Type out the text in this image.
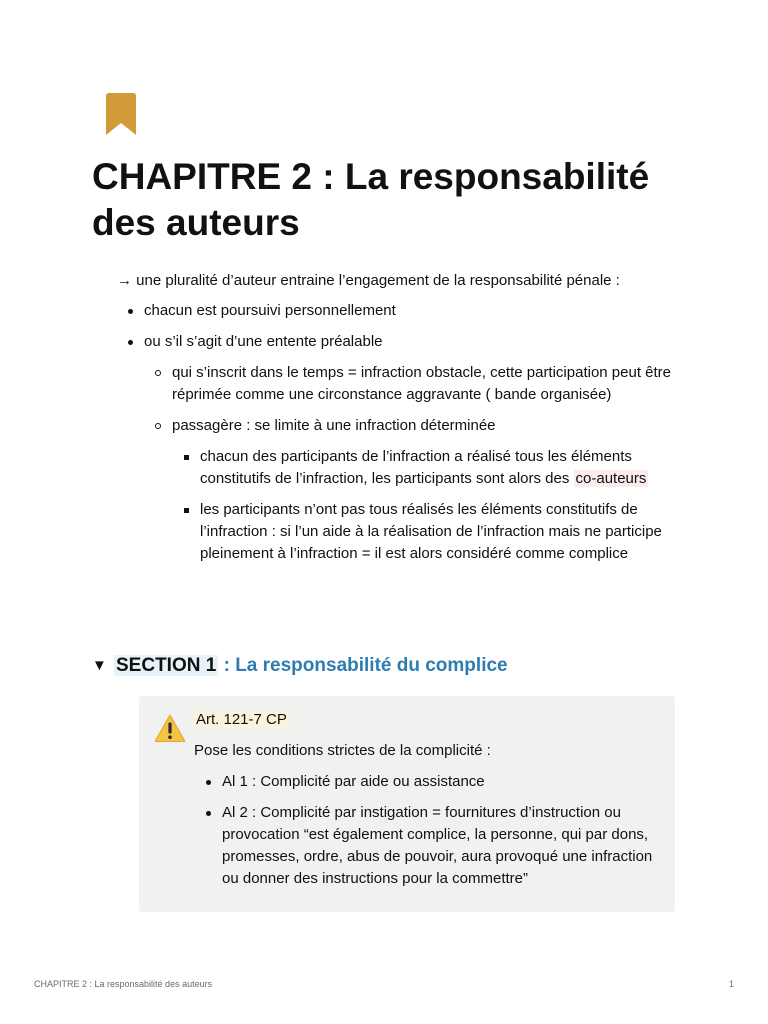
CHAPITRE 2 : La responsabilité des auteurs

→ une pluralité d’auteur entraine l’engagement de la responsabilité pénale :

chacun est poursuivi personnellement
ou s’il s’agit d’une entente préalable
qui s’inscrit dans le temps = infraction obstacle, cette participation peut être réprimée comme une circonstance aggravante ( bande organisée)
passagère : se limite à une infraction déterminée
chacun des participants de l’infraction a réalisé tous les éléments constitutifs de l’infraction, les participants sont alors des co-auteurs
les participants n’ont pas tous réalisés les éléments constitutifs de l’infraction : si l’un aide à la réalisation de l’infraction mais ne participe pleinement à l’infraction = il est alors considéré comme complice
▼ SECTION 1 : La responsabilité du complice

Art. 121-7 CP

Pose les conditions strictes de la complicité :

Al 1 : Complicité par aide ou assistance
Al 2 : Complicité par instigation = fournitures d’instruction ou provocation “est également complice, la personne, qui par dons, promesses, ordre, abus de pouvoir, aura provoqué une infraction ou donner des instructions pour la commettre”
CHAPITRE 2 : La responsabilité des auteurs	1
